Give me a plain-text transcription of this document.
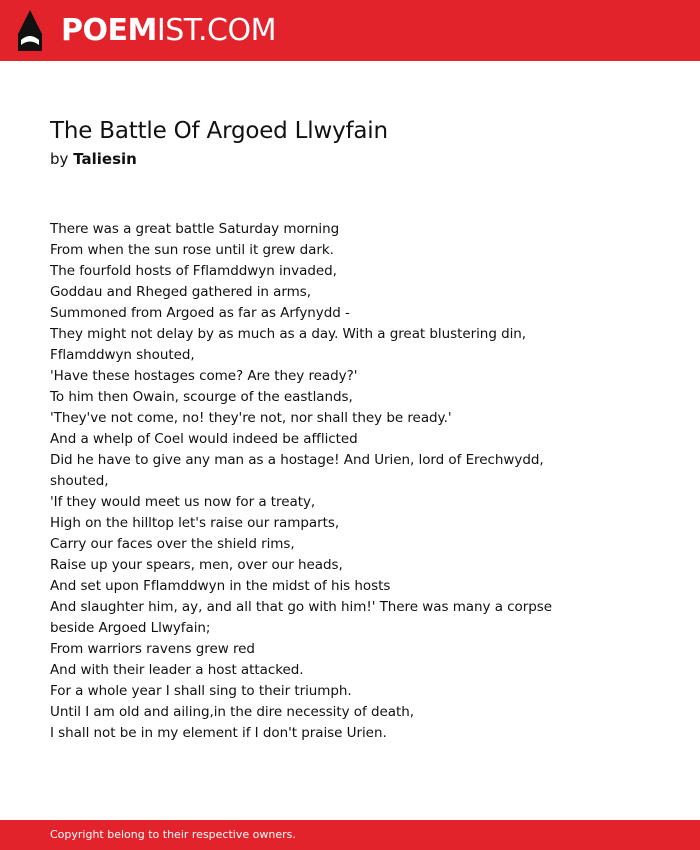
POEM IST.COM
The Battle Of Argoed Llwyfain
by Taliesin
There was a great battle Saturday morning
From when the sun rose until it grew dark.
The fourfold hosts of Fflamddwyn invaded,
Goddau and Rheged gathered in arms,
Summoned from Argoed as far as Arfynydd -
They might not delay by as much as a day. With a great blustering din,
Fflamddwyn shouted,
'Have these hostages come? Are they ready?'
To him then Owain, scourge of the eastlands,
'They've not come, no! they're not, nor shall they be ready.'
And a whelp of Coel would indeed be afflicted
Did he have to give any man as a hostage! And Urien, lord of Erechwydd,
shouted,
'If they would meet us now for a treaty,
High on the hilltop let's raise our ramparts,
Carry our faces over the shield rims,
Raise up your spears, men, over our heads,
And set upon Fflamddwyn in the midst of his hosts
And slaughter him, ay, and all that go with him!' There was many a corpse
beside Argoed Llwyfain;
From warriors ravens grew red
And with their leader a host attacked.
For a whole year I shall sing to their triumph.
Until I am old and ailing,in the dire necessity of death,
I shall not be in my element if I don't praise Urien.
Copyright belong to their respective owners.
